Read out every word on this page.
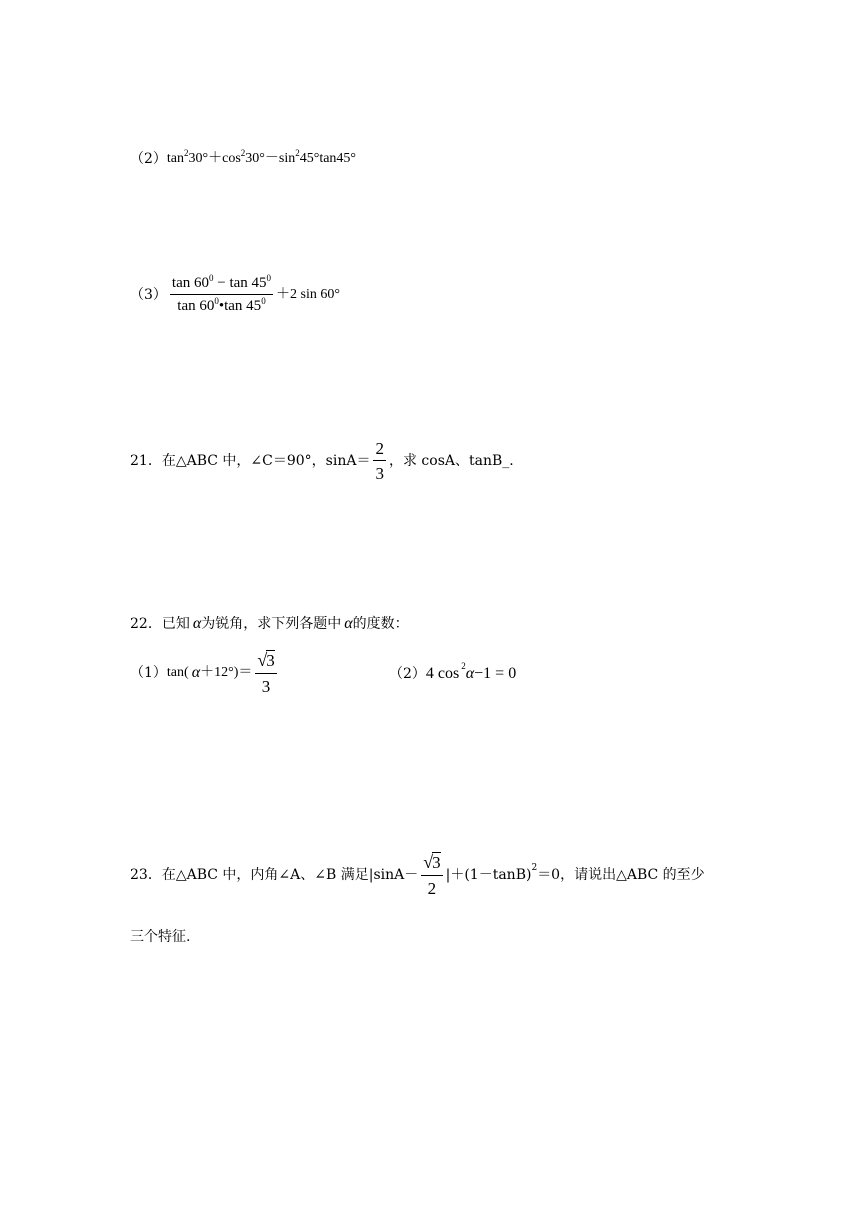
（2） tan 2 30°＋cos 2 30°－sin 2 45°tan45°
$(3) \frac{\tan 60^0 - \tan 45^0}{\tan 60^0•\tan 45^0} +2$ sin 60°
21． 在△ABC 中，∠C＝90°，$\sin A= \frac{2}{3}$ ，求 cosA、tanB_.
22． 已知 α 为锐角，求下列各题中 α 的度数：
（1） tan( $\alpha +12^\circ)= \frac{√ 3}{3}$	（2） 4 cos 2 α −1 = 0
23． 在△ABC 中，内角∠A、∠B 满足$|\sin A- \frac{√ 3}{2} |+(1-\tan B)$ 2 ＝0，请说出△ABC 的至少
三个特征.
